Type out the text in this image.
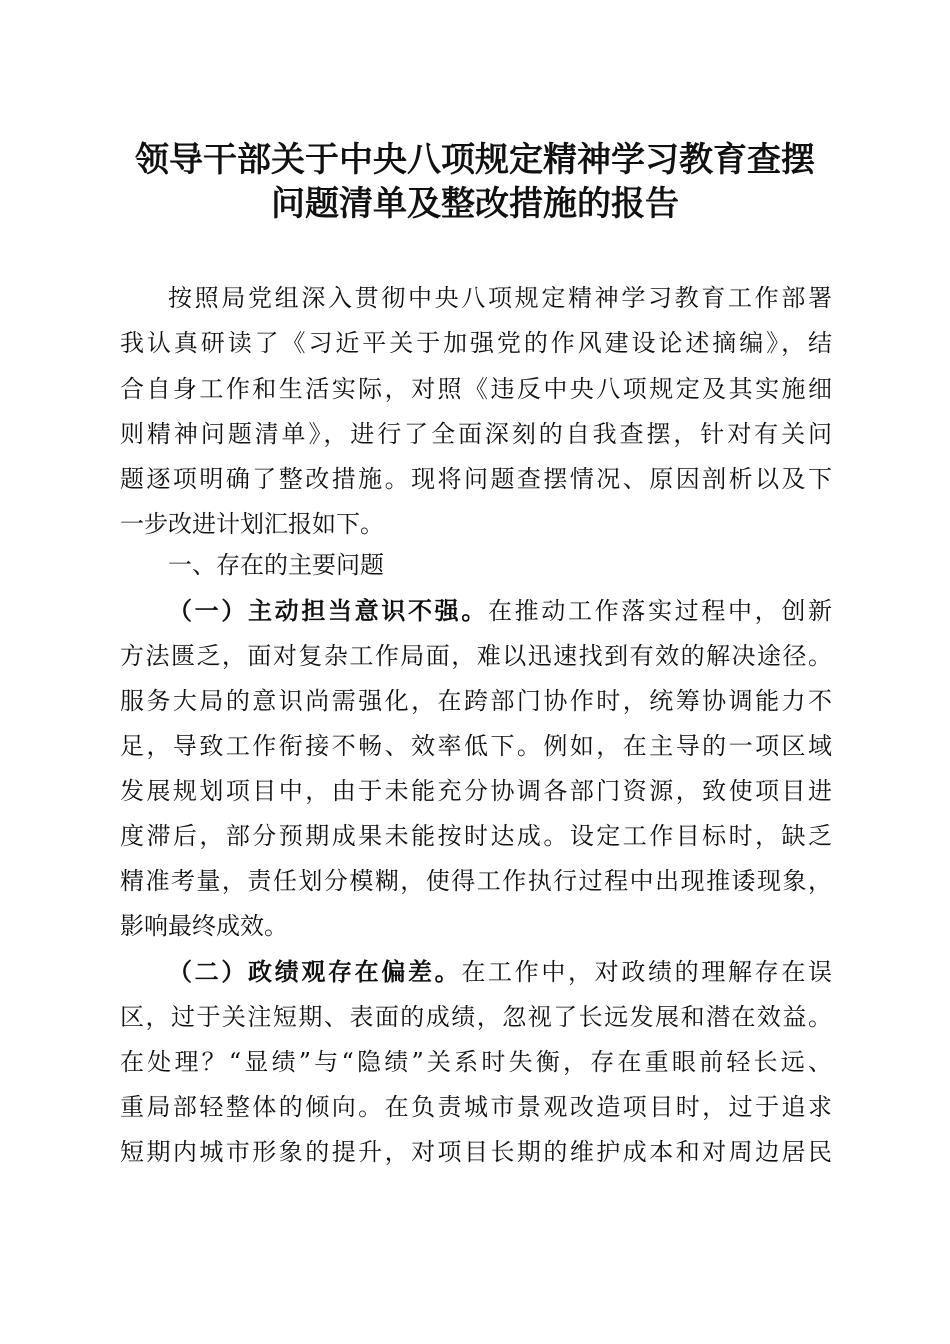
领导干部关于中央八项规定精神学习教育查摆
问题清单及整改措施的报告
按照局党组深入贯彻中央八项规定精神学习教育工作部署
我认真研读了《习近平关于加强党的作风建设论述摘编》，结
合自身工作和生活实际，对照《违反中央八项规定及其实施细
则精神问题清单》，进行了全面深刻的自我查摆，针对有关问
题逐项明确了整改措施。现将问题查摆情况、原因剖析以及下
一步改进计划汇报如下。
一、存在的主要问题
（一）主动担当意识不强。在推动工作落实过程中，创新
方法匮乏，面对复杂工作局面，难以迅速找到有效的解决途径。
服务大局的意识尚需强化，在跨部门协作时，统筹协调能力不
足，导致工作衔接不畅、效率低下。例如，在主导的一项区域
发展规划项目中，由于未能充分协调各部门资源，致使项目进
度滞后，部分预期成果未能按时达成。设定工作目标时，缺乏
精准考量，责任划分模糊，使得工作执行过程中出现推诿现象，
影响最终成效。
（二）政绩观存在偏差。在工作中，对政绩的理解存在误
区，过于关注短期、表面的成绩，忽视了长远发展和潜在效益。
在处理？“显绩”与“隐绩”关系时失衡，存在重眼前轻长远、
重局部轻整体的倾向。在负责城市景观改造项目时，过于追求
短期内城市形象的提升，对项目长期的维护成本和对周边居民
